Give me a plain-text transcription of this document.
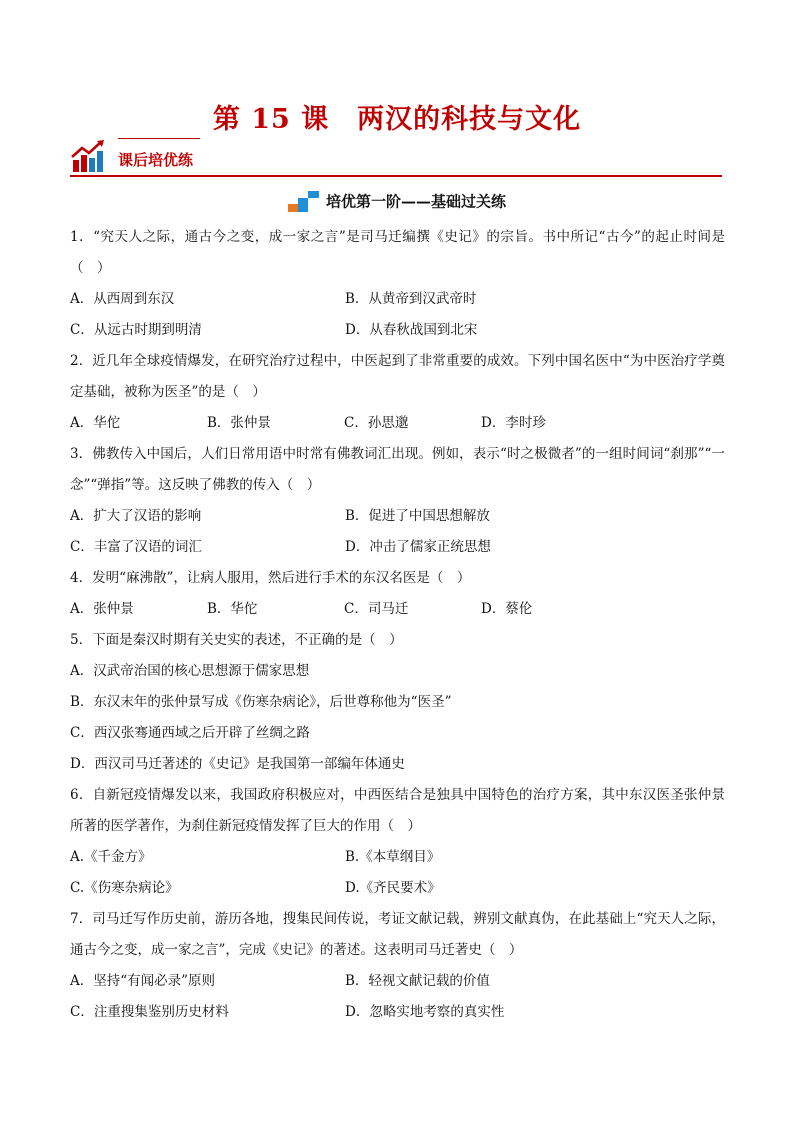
第 15 课　两汉的科技与文化
课后培优练
培优第一阶——基础过关练

1．“究天人之际，通古今之变，成一家之言”是司马迁编撰《史记》的宗旨。书中所记“古今”的起止时间是（　）

A．从西周到东汉	B．从黄帝到汉武帝时
C．从远古时期到明清	D．从春秋战国到北宋

2．近几年全球疫情爆发，在研究治疗过程中，中医起到了非常重要的成效。下列中国名医中“为中医治疗学奠定基础，被称为医圣”的是（　）

A．华佗	B．张仲景	C．孙思邈	D．李时珍

3．佛教传入中国后，人们日常用语中时常有佛教词汇出现。例如，表示“时之极微者”的一组时间词“刹那”“一念”“弹指”等。这反映了佛教的传入（　）

A．扩大了汉语的影响	B．促进了中国思想解放
C．丰富了汉语的词汇	D．冲击了儒家正统思想

4．发明“麻沸散”，让病人服用，然后进行手术的东汉名医是（　）

A．张仲景	B．华佗	C．司马迁	D．蔡伦

5．下面是秦汉时期有关史实的表述，不正确的是（　）

A．汉武帝治国的核心思想源于儒家思想
B．东汉末年的张仲景写成《伤寒杂病论》，后世尊称他为“医圣”
C．西汉张骞通西域之后开辟了丝绸之路
D．西汉司马迁著述的《史记》是我国第一部编年体通史

6．自新冠疫情爆发以来，我国政府积极应对，中西医结合是独具中国特色的治疗方案，其中东汉医圣张仲景所著的医学著作，为刹住新冠疫情发挥了巨大的作用（　）

A.《千金方》	B.《本草纲目》
C.《伤寒杂病论》	D.《齐民要术》

7．司马迁写作历史前，游历各地，搜集民间传说，考证文献记载，辨别文献真伪，在此基础上“究天人之际，通古今之变，成一家之言”，完成《史记》的著述。这表明司马迁著史（　）

A．坚持“有闻必录”原则	B．轻视文献记载的价值
C．注重搜集鉴别历史材料	D．忽略实地考察的真实性
